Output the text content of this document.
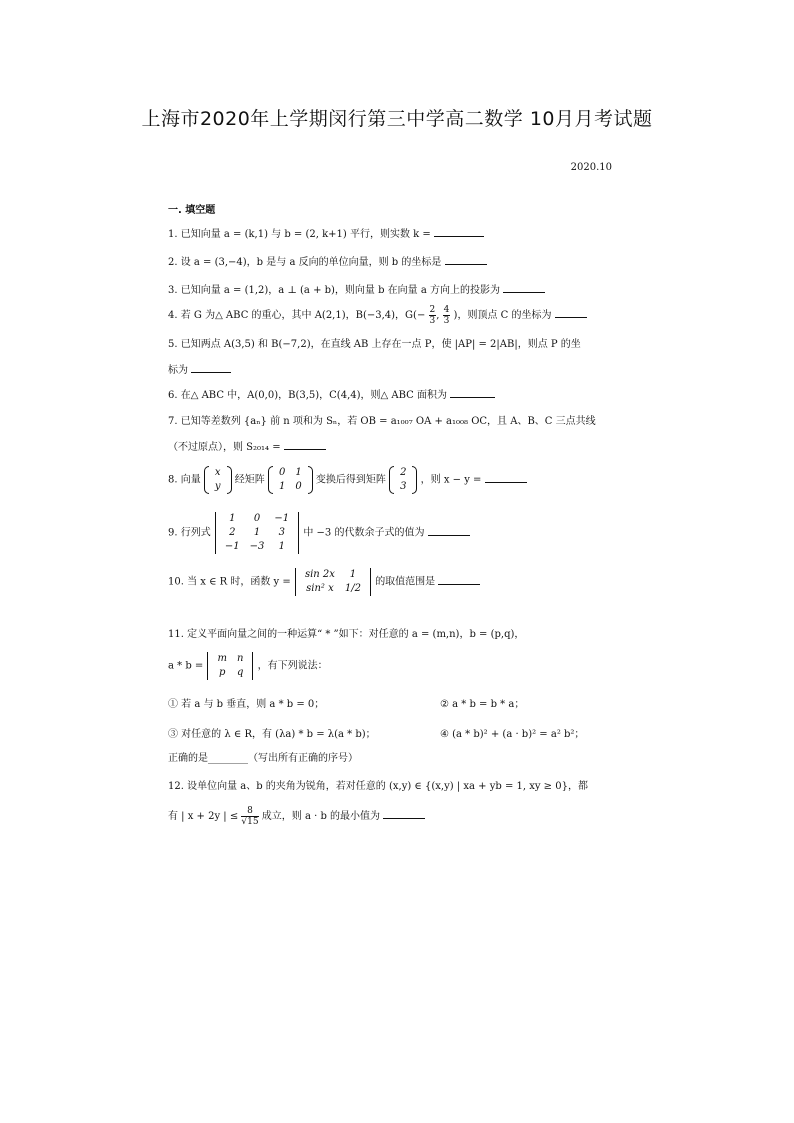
上海市2020年上学期闵行第三中学高二数学 10月月考试题
2020.10
一. 填空题
1. 已知向量 a = (k,1) 与 b = (2, k+1) 平行，则实数 k =
2. 设 a = (3,−4)，b 是与 a 反向的单位向量，则 b 的坐标是
3. 已知向量 a = (1,2)，a ⊥ (a + b)，则向量 b 在向量 a 方向上的投影为
4. 若 G 为△ ABC 的重心，其中 A(2,1)，B(−3,4)，$G(- \frac{2}{3}$ , $\frac{4}{3}$ )，则顶点 C 的坐标为
5. 已知两点 A(3,5) 和 B(−7,2)，在直线 AB 上存在一点 P，使 |AP| = 2|AB|，则点 P 的坐
标为
6. 在△ ABC 中，A(0,0)，B(3,5)，C(4,4)，则△ ABC 面积为
7. 已知等差数列 {aₙ} 前 n 项和为 Sₙ，若 OB = a₁₀₀₇ OA + a₁₀₀₈ OC，且 A、B、C 三点共线
（不过原点），则 S₂₀₁₄ =
8. 向量
x
y
经矩阵
0	1
1	0
变换后得到矩阵
2
3
，则 x − y =
9. 行列式
1	0	−1
2	1	3
−1	−3	1
中 −3 的代数余子式的值为
10. 当 x ∈ R 时，函数 y =
sin 2x	1
sin² x	1/2
的取值范围是
11. 定义平面向量之间的一种运算“ * ”如下：对任意的 a = (m,n)，b = (p,q)，
a * b =
m	n
p	q
，有下列说法：
① 若 a 与 b 垂直，则 a * b = 0；	② a * b = b * a；
③ 对任意的 λ ∈ R，有 (λa) * b = λ(a * b)；	④ (a * b)² + (a · b)² = a² b²；
正确的是________（写出所有正确的序号）
12. 设单位向量 a、b 的夹角为锐角，若对任意的 (x,y) ∈ {(x,y) | xa + yb = 1, xy ≥ 0}，都
有 | x + 2y | ≤ $\frac{8}{√15}$ 成立，则 a · b 的最小值为
